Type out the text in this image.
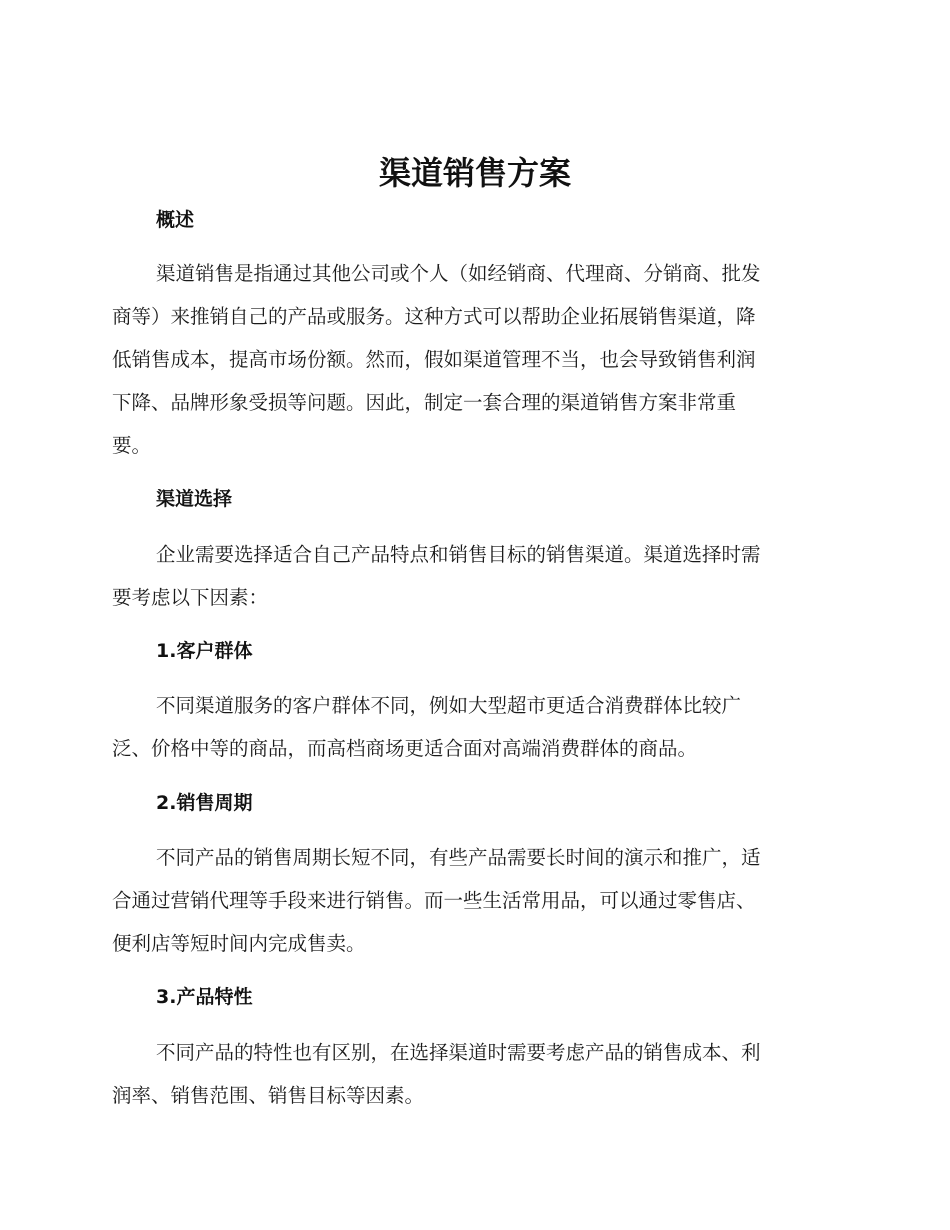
渠道销售方案
概述
渠道销售是指通过其他公司或个人（如经销商、代理商、分销商、批发
商等）来推销自己的产品或服务。这种方式可以帮助企业拓展销售渠道，降
低销售成本，提高市场份额。然而，假如渠道管理不当，也会导致销售利润
下降、品牌形象受损等问题。因此，制定一套合理的渠道销售方案非常重
要。
渠道选择
企业需要选择适合自己产品特点和销售目标的销售渠道。渠道选择时需
要考虑以下因素：
1.客户群体
不同渠道服务的客户群体不同，例如大型超市更适合消费群体比较广
泛、价格中等的商品，而高档商场更适合面对高端消费群体的商品。
2.销售周期
不同产品的销售周期长短不同，有些产品需要长时间的演示和推广，适
合通过营销代理等手段来进行销售。而一些生活常用品，可以通过零售店、
便利店等短时间内完成售卖。
3.产品特性
不同产品的特性也有区别，在选择渠道时需要考虑产品的销售成本、利
润率、销售范围、销售目标等因素。
